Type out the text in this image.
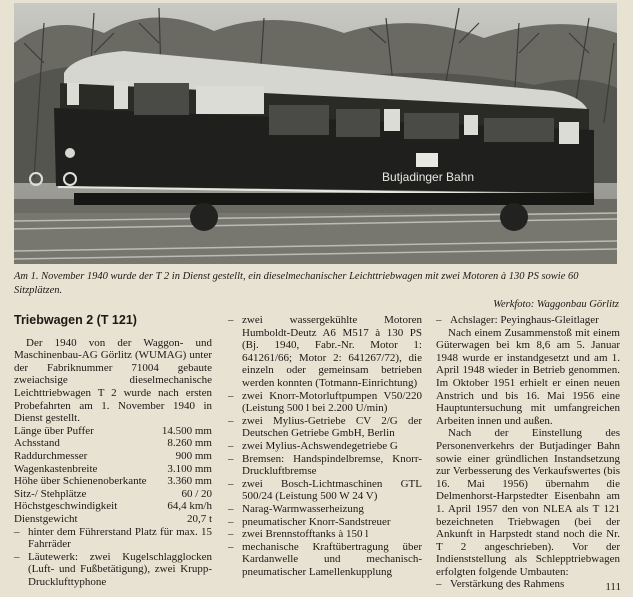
Butjadinger Bahn
Am 1. November 1940 wurde der T 2 in Dienst gestellt, ein dieselmechanischer Leichttriebwagen mit zwei Motoren à 130 PS sowie 60 Sitzplätzen.
Werkfoto: Waggonbau Görlitz

Triebwagen 2 (T 121)

Der 1940 von der Waggon- und Maschinenbau-AG Görlitz (WUMAG) unter der Fabriknummer 71004 gebaute zweiachsige dieselmechanische Leichttriebwagen T 2 wurde nach ersten Probefahrten am 1. November 1940 in Dienst gestellt.

Länge über Puffer	14.500 mm
Achsstand	8.260 mm
Raddurchmesser	900 mm
Wagenkastenbreite	3.100 mm
Höhe über Schienenoberkante 3.360 mm
Sitz-/ Stehplätze	60 / 20
Höchstgeschwindigkeit	64,4 km/h
Dienstgewicht	20,7 t
– hinter dem Führerstand Platz für max. 15 Fahrräder
– Läutewerk: zwei Kugelschlagglocken (Luft- und Fußbetätigung), zwei Krupp-Drucklufttyphone
– zwei wassergekühlte Motoren Humboldt-Deutz A6 M517 à 130 PS (Bj. 1940, Fabr.-Nr. Motor 1: 641261/66; Motor 2: 641267/72), die einzeln oder gemeinsam betrieben werden konnten (Totmann-Einrichtung)
– zwei Knorr-Motorluftpumpen V50/220 (Leistung 500 l bei 2.200 U/min)
– zwei Mylius-Getriebe CV 2/G der Deutschen Getriebe GmbH, Berlin
– zwei Mylius-Achswendegetriebe G
– Bremsen: Handspindelbremse, Knorr-Druckluftbremse
– zwei Bosch-Lichtmaschinen GTL 500/24 (Leistung 500 W 24 V)
– Narag-Warmwasserheizung
– pneumatischer Knorr-Sandstreuer
– zwei Brennstofftanks à 150 l
– mechanische Kraftübertragung über Kardanwelle und mechanisch-pneumatischer Lamellenkupplung
– Achslager: Peyinghaus-Gleitlager

Nach einem Zusammenstoß mit einem Güterwagen bei km 8,6 am 5. Januar 1948 wurde er instandgesetzt und am 1. April 1948 wieder in Betrieb genommen. Im Oktober 1951 erhielt er einen neuen Anstrich und bis 16. Mai 1956 eine Hauptuntersuchung mit umfangreichen Arbeiten innen und außen.

Nach der Einstellung des Personenverkehrs der Butjadinger Bahn sowie einer gründlichen Instandsetzung zur Verbesserung des Verkaufswertes (bis 16. Mai 1956) übernahm die Delmenhorst-Harpstedter Eisenbahn am 1. April 1957 den von NLEA als T 121 bezeichneten Triebwagen (bei der Ankunft in Harpstedt stand noch die Nr. T 2 angeschrieben). Vor der Indienststellung als Schlepptriebwagen erfolgten folgende Umbauten:

– Verstärkung des Rahmens	111
